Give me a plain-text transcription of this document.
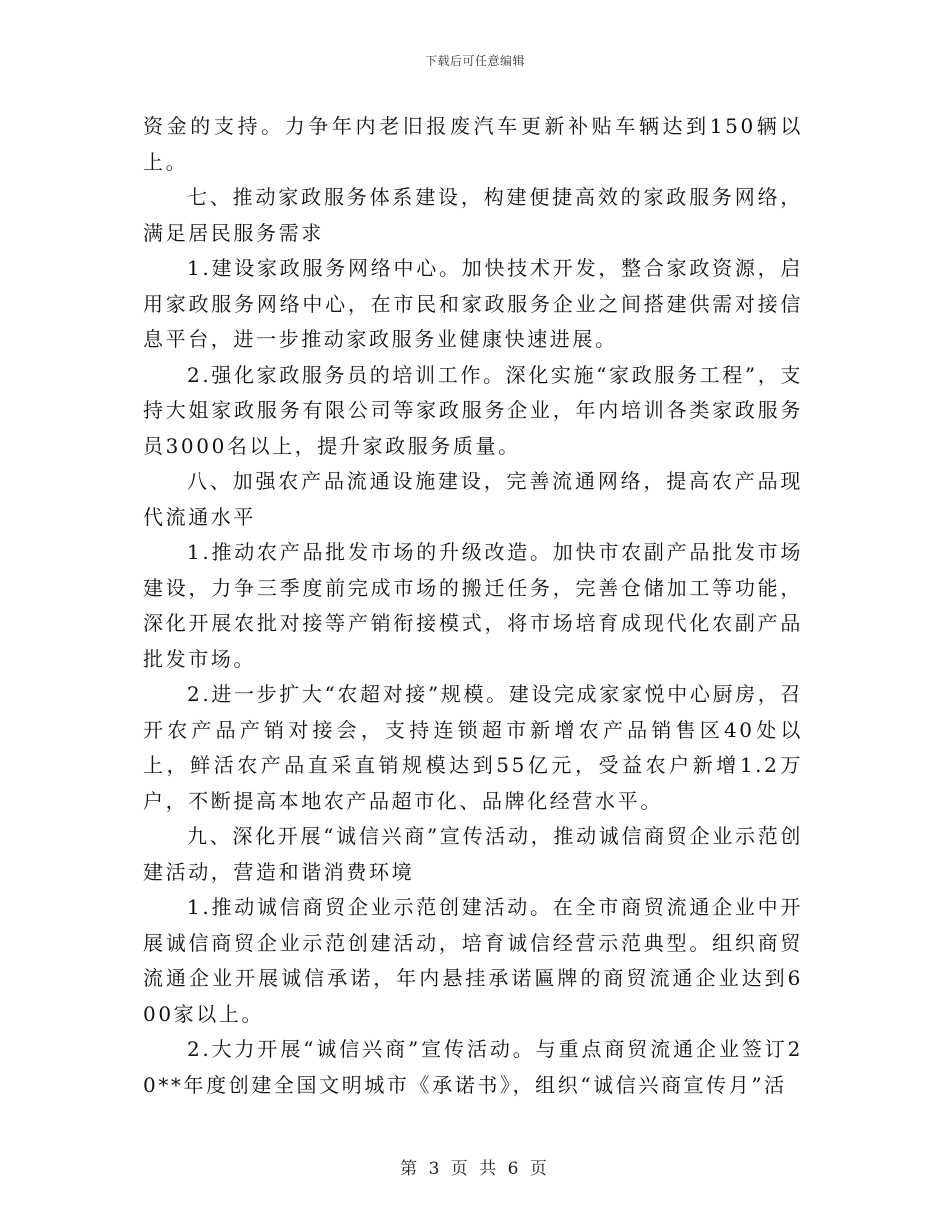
下载后可任意编辑

资金的支持。力争年内老旧报废汽车更新补贴车辆达到150辆以上。

七、推动家政服务体系建设，构建便捷高效的家政服务网络，满足居民服务需求

1.建设家政服务网络中心。加快技术开发，整合家政资源，启用家政服务网络中心，在市民和家政服务企业之间搭建供需对接信息平台，进一步推动家政服务业健康快速进展。

2.强化家政服务员的培训工作。深化实施“家政服务工程”，支持大姐家政服务有限公司等家政服务企业，年内培训各类家政服务员3000名以上，提升家政服务质量。

八、加强农产品流通设施建设，完善流通网络，提高农产品现代流通水平

1.推动农产品批发市场的升级改造。加快市农副产品批发市场建设，力争三季度前完成市场的搬迁任务，完善仓储加工等功能，深化开展农批对接等产销衔接模式，将市场培育成现代化农副产品批发市场。

2.进一步扩大“农超对接”规模。建设完成家家悦中心厨房，召开农产品产销对接会，支持连锁超市新增农产品销售区40处以上，鲜活农产品直采直销规模达到55亿元，受益农户新增1.2万户，不断提高本地农产品超市化、品牌化经营水平。

九、深化开展“诚信兴商”宣传活动，推动诚信商贸企业示范创建活动，营造和谐消费环境

1.推动诚信商贸企业示范创建活动。在全市商贸流通企业中开展诚信商贸企业示范创建活动，培育诚信经营示范典型。组织商贸流通企业开展诚信承诺，年内悬挂承诺匾牌的商贸流通企业达到600家以上。

2.大力开展“诚信兴商”宣传活动。与重点商贸流通企业签订20**年度创建全国文明城市《承诺书》，组织“诚信兴商宣传月”活

第 3 页 共 6 页
